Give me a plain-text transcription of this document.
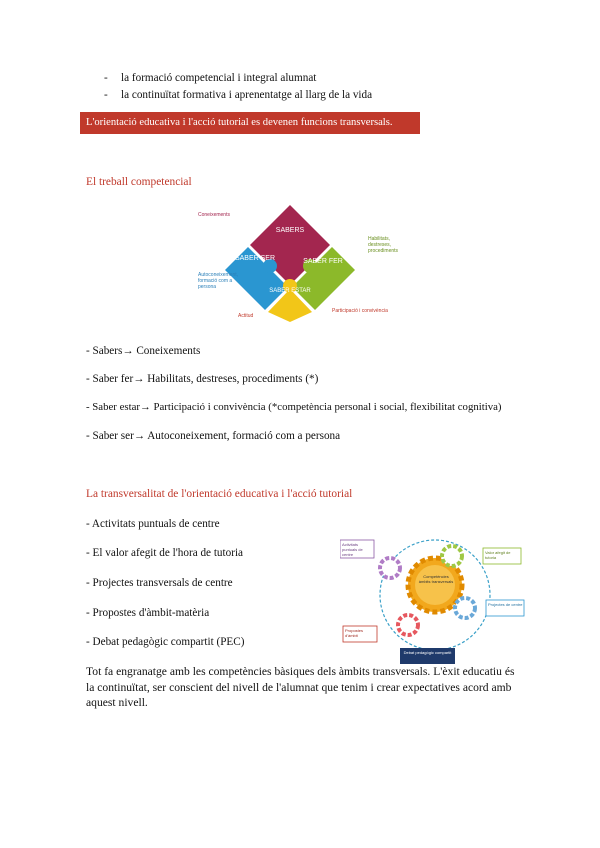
- la formació competencial i integral alumnat
- la continuïtat formativa i aprenentatge al llarg de la vida
L'orientació educativa i l'acció tutorial es devenen funcions transversals.
El treball competencial
SABERS
SABER FER
SABER SER
SABER ESTAR
Coneixements
Habilitats, destreses, procediments
Autoconeixement, formació com a persona
Actitud
Participació i convivència
- Sabers→ Coneixements
- Saber fer→ Habilitats, destreses, procediments (*)
- Saber estar→ Participació i convivència (*competència personal i social, flexibilitat cognitiva)
- Saber ser→ Autoconeixement, formació com a persona
La transversalitat de l'orientació educativa i l'acció tutorial
- Activitats puntuals de centre
- El valor afegit de l'hora de tutoria
- Projectes transversals de centre
- Propostes d'àmbit-matèria
- Debat pedagògic compartit (PEC)
Competències àmbits transversals
Activitats puntuals de centre	Valor afegit de tutoria
Projectes de centre
Propostes d'àmbit
Debat pedagògic compartit
Tot fa engranatge amb les competències bàsiques dels àmbits transversals. L'èxit educatiu és la continuïtat, ser conscient del nivell de l'alumnat que tenim i crear expectatives acord amb aquest nivell.
